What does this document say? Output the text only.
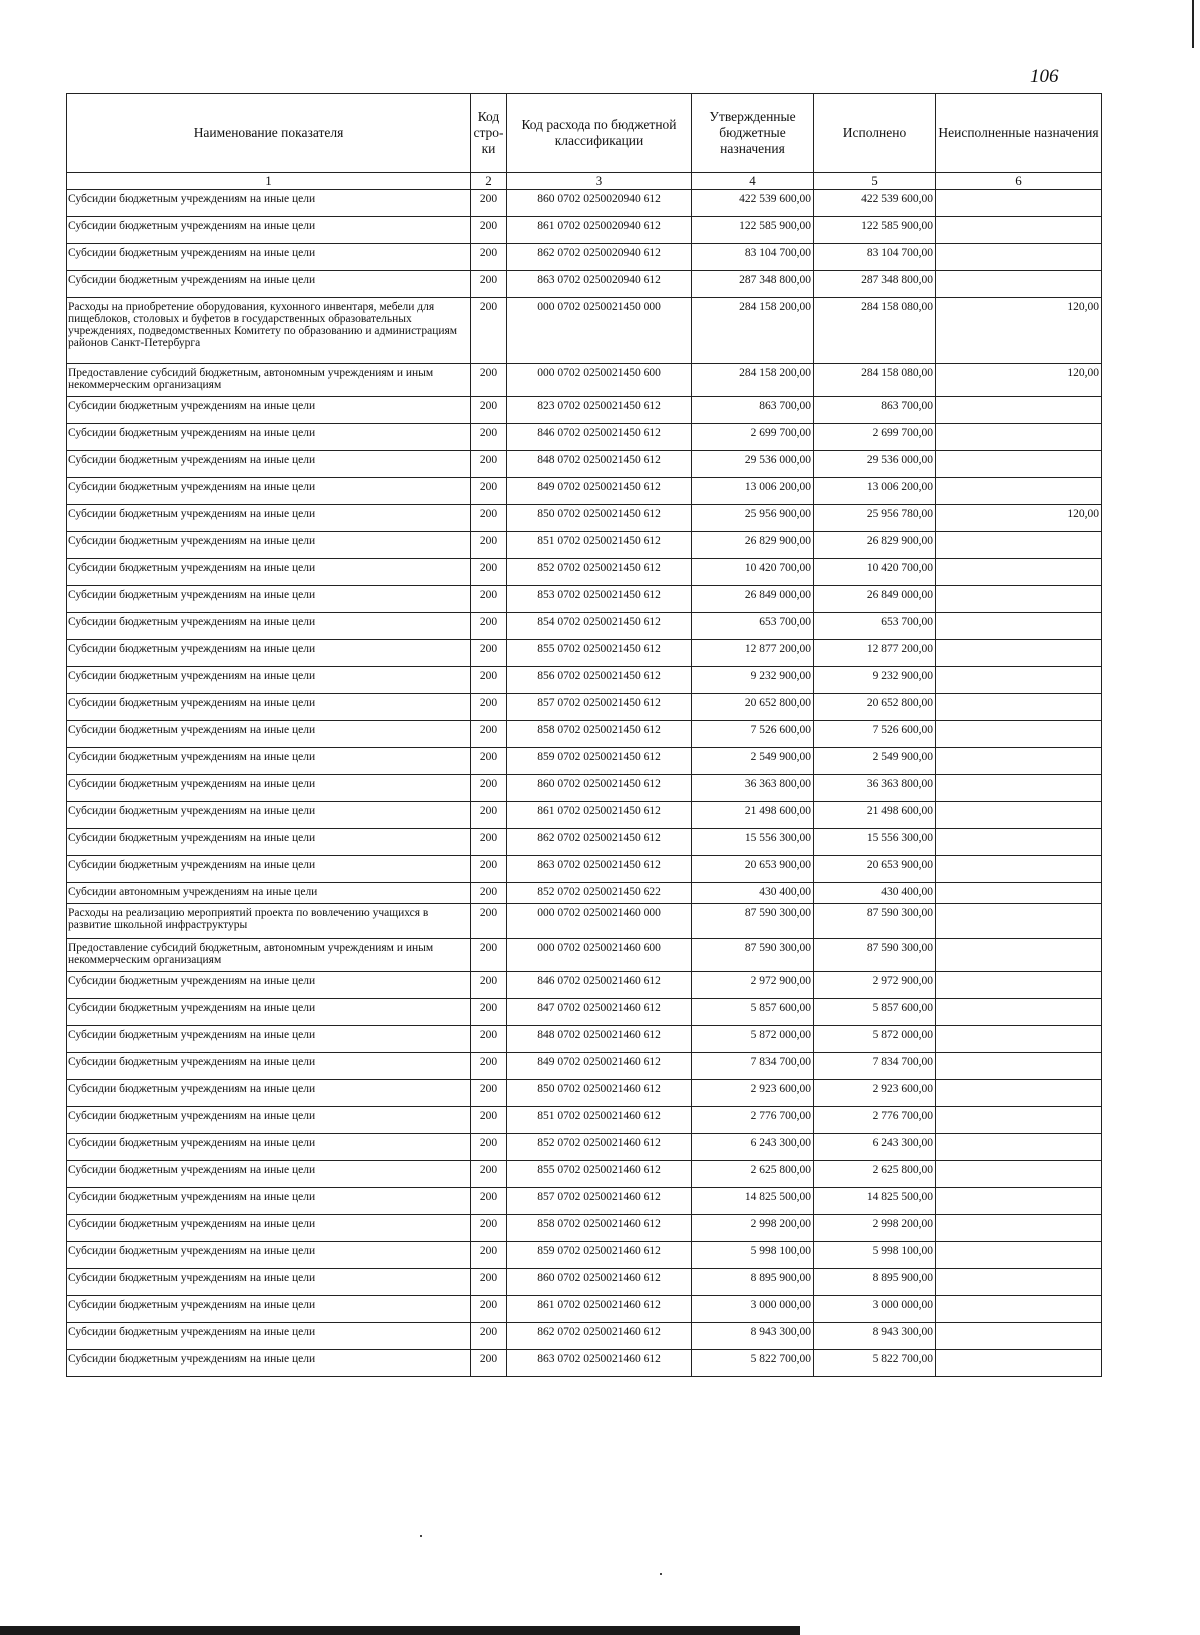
106
Наименование показателя	Код стро-ки	Код расхода по бюджетной классификации	Утвержденные бюджетные назначения	Исполнено	Неисполненные назначения
1	2	3	4	5	6
Субсидии бюджетным учреждениям на иные цели	200	860 0702 0250020940 612	422 539 600,00	422 539 600,00	
Субсидии бюджетным учреждениям на иные цели	200	861 0702 0250020940 612	122 585 900,00	122 585 900,00	
Субсидии бюджетным учреждениям на иные цели	200	862 0702 0250020940 612	83 104 700,00	83 104 700,00	
Субсидии бюджетным учреждениям на иные цели	200	863 0702 0250020940 612	287 348 800,00	287 348 800,00	
Расходы на приобретение оборудования, кухонного инвентаря, мебели для пищеблоков, столовых и буфетов в государственных образовательных учреждениях, подведомственных Комитету по образованию и администрациям районов Санкт-Петербурга	200	000 0702 0250021450 000	284 158 200,00	284 158 080,00	120,00
Предоставление субсидий бюджетным, автономным учреждениям и иным некоммерческим организациям	200	000 0702 0250021450 600	284 158 200,00	284 158 080,00	120,00
Субсидии бюджетным учреждениям на иные цели	200	823 0702 0250021450 612	863 700,00	863 700,00	
Субсидии бюджетным учреждениям на иные цели	200	846 0702 0250021450 612	2 699 700,00	2 699 700,00	
Субсидии бюджетным учреждениям на иные цели	200	848 0702 0250021450 612	29 536 000,00	29 536 000,00	
Субсидии бюджетным учреждениям на иные цели	200	849 0702 0250021450 612	13 006 200,00	13 006 200,00	
Субсидии бюджетным учреждениям на иные цели	200	850 0702 0250021450 612	25 956 900,00	25 956 780,00	120,00
Субсидии бюджетным учреждениям на иные цели	200	851 0702 0250021450 612	26 829 900,00	26 829 900,00	
Субсидии бюджетным учреждениям на иные цели	200	852 0702 0250021450 612	10 420 700,00	10 420 700,00	
Субсидии бюджетным учреждениям на иные цели	200	853 0702 0250021450 612	26 849 000,00	26 849 000,00	
Субсидии бюджетным учреждениям на иные цели	200	854 0702 0250021450 612	653 700,00	653 700,00	
Субсидии бюджетным учреждениям на иные цели	200	855 0702 0250021450 612	12 877 200,00	12 877 200,00	
Субсидии бюджетным учреждениям на иные цели	200	856 0702 0250021450 612	9 232 900,00	9 232 900,00	
Субсидии бюджетным учреждениям на иные цели	200	857 0702 0250021450 612	20 652 800,00	20 652 800,00	
Субсидии бюджетным учреждениям на иные цели	200	858 0702 0250021450 612	7 526 600,00	7 526 600,00	
Субсидии бюджетным учреждениям на иные цели	200	859 0702 0250021450 612	2 549 900,00	2 549 900,00	
Субсидии бюджетным учреждениям на иные цели	200	860 0702 0250021450 612	36 363 800,00	36 363 800,00	
Субсидии бюджетным учреждениям на иные цели	200	861 0702 0250021450 612	21 498 600,00	21 498 600,00	
Субсидии бюджетным учреждениям на иные цели	200	862 0702 0250021450 612	15 556 300,00	15 556 300,00	
Субсидии бюджетным учреждениям на иные цели	200	863 0702 0250021450 612	20 653 900,00	20 653 900,00	
Субсидии автономным учреждениям на иные цели	200	852 0702 0250021450 622	430 400,00	430 400,00	
Расходы на реализацию мероприятий проекта по вовлечению учащихся в развитие школьной инфраструктуры	200	000 0702 0250021460 000	87 590 300,00	87 590 300,00	
Предоставление субсидий бюджетным, автономным учреждениям и иным некоммерческим организациям	200	000 0702 0250021460 600	87 590 300,00	87 590 300,00	
Субсидии бюджетным учреждениям на иные цели	200	846 0702 0250021460 612	2 972 900,00	2 972 900,00	
Субсидии бюджетным учреждениям на иные цели	200	847 0702 0250021460 612	5 857 600,00	5 857 600,00	
Субсидии бюджетным учреждениям на иные цели	200	848 0702 0250021460 612	5 872 000,00	5 872 000,00	
Субсидии бюджетным учреждениям на иные цели	200	849 0702 0250021460 612	7 834 700,00	7 834 700,00	
Субсидии бюджетным учреждениям на иные цели	200	850 0702 0250021460 612	2 923 600,00	2 923 600,00	
Субсидии бюджетным учреждениям на иные цели	200	851 0702 0250021460 612	2 776 700,00	2 776 700,00	
Субсидии бюджетным учреждениям на иные цели	200	852 0702 0250021460 612	6 243 300,00	6 243 300,00	
Субсидии бюджетным учреждениям на иные цели	200	855 0702 0250021460 612	2 625 800,00	2 625 800,00	
Субсидии бюджетным учреждениям на иные цели	200	857 0702 0250021460 612	14 825 500,00	14 825 500,00	
Субсидии бюджетным учреждениям на иные цели	200	858 0702 0250021460 612	2 998 200,00	2 998 200,00	
Субсидии бюджетным учреждениям на иные цели	200	859 0702 0250021460 612	5 998 100,00	5 998 100,00	
Субсидии бюджетным учреждениям на иные цели	200	860 0702 0250021460 612	8 895 900,00	8 895 900,00	
Субсидии бюджетным учреждениям на иные цели	200	861 0702 0250021460 612	3 000 000,00	3 000 000,00	
Субсидии бюджетным учреждениям на иные цели	200	862 0702 0250021460 612	8 943 300,00	8 943 300,00	
Субсидии бюджетным учреждениям на иные цели	200	863 0702 0250021460 612	5 822 700,00	5 822 700,00	
